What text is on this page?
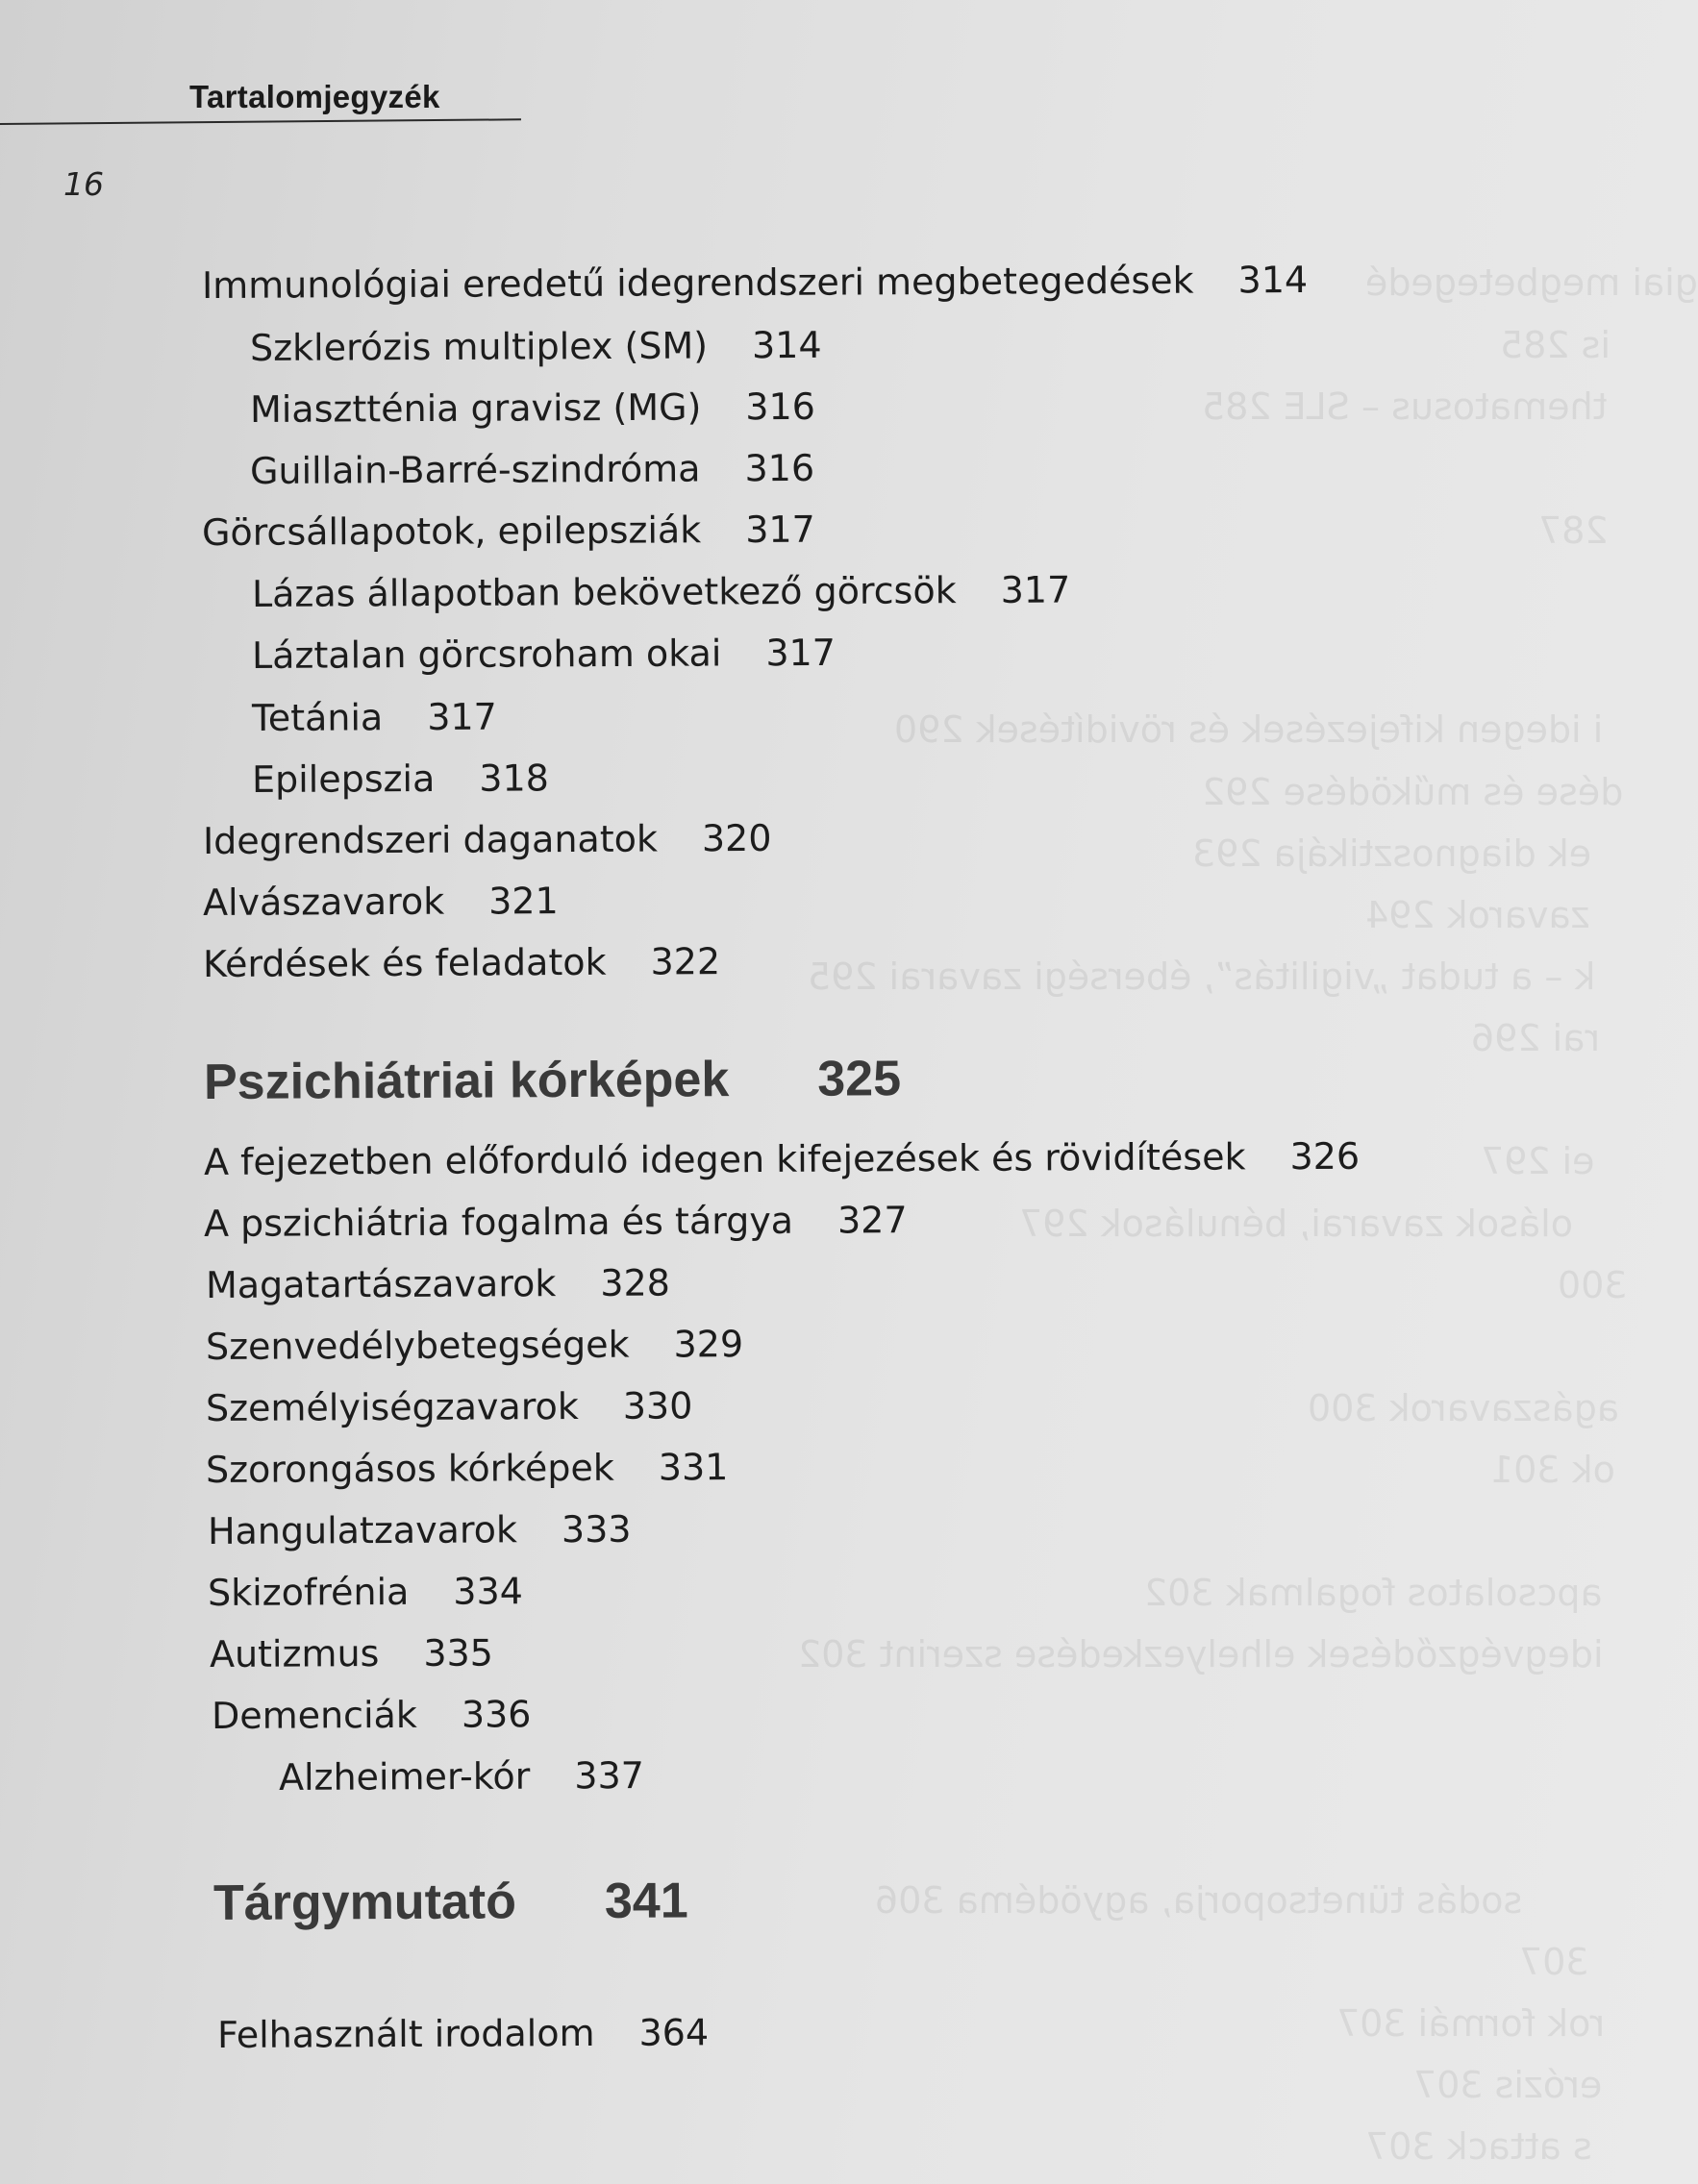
giai megbetegedé
is 285
thematosus – SLE 285
287
i idegen kifejezések és rövidítések 290
dése és működése 292
ek diagnosztikája 293
zavarok 294
k – a tudat „vigilitás”, éberségi zavarai 295
rai 296
ei 297
olások zavarai, bénulások 297
300
agászavarok 300
ok 301
apcsolatos fogalmak 302
idegvégződések elhelyezkedése szerint 302
sodás tünetsoporja, agyödéma 306
307
rok formái 307
erózis 307
s attack 307
Tartalomjegyzék
16
Immunológiai eredetű idegrendszeri megbetegedések 314
Szklerózis multiplex (SM) 314
Miasztténia gravisz (MG) 316
Guillain-Barré-szindróma 316
Görcsállapotok, epilepsziák 317
Lázas állapotban bekövetkező görcsök 317
Láztalan görcsroham okai 317
Tetánia 317
Epilepszia 318
Idegrendszeri daganatok 320
Alvászavarok 321
Kérdések és feladatok 322
Pszichiátriai kórképek 325
A fejezetben előforduló idegen kifejezések és rövidítések 326
A pszichiátria fogalma és tárgya 327
Magatartászavarok 328
Szenvedélybetegségek 329
Személyiségzavarok 330
Szorongásos kórképek 331
Hangulatzavarok 333
Skizofrénia 334
Autizmus 335
Demenciák 336
Alzheimer-kór 337
Tárgymutató 341
Felhasznált irodalom 364
